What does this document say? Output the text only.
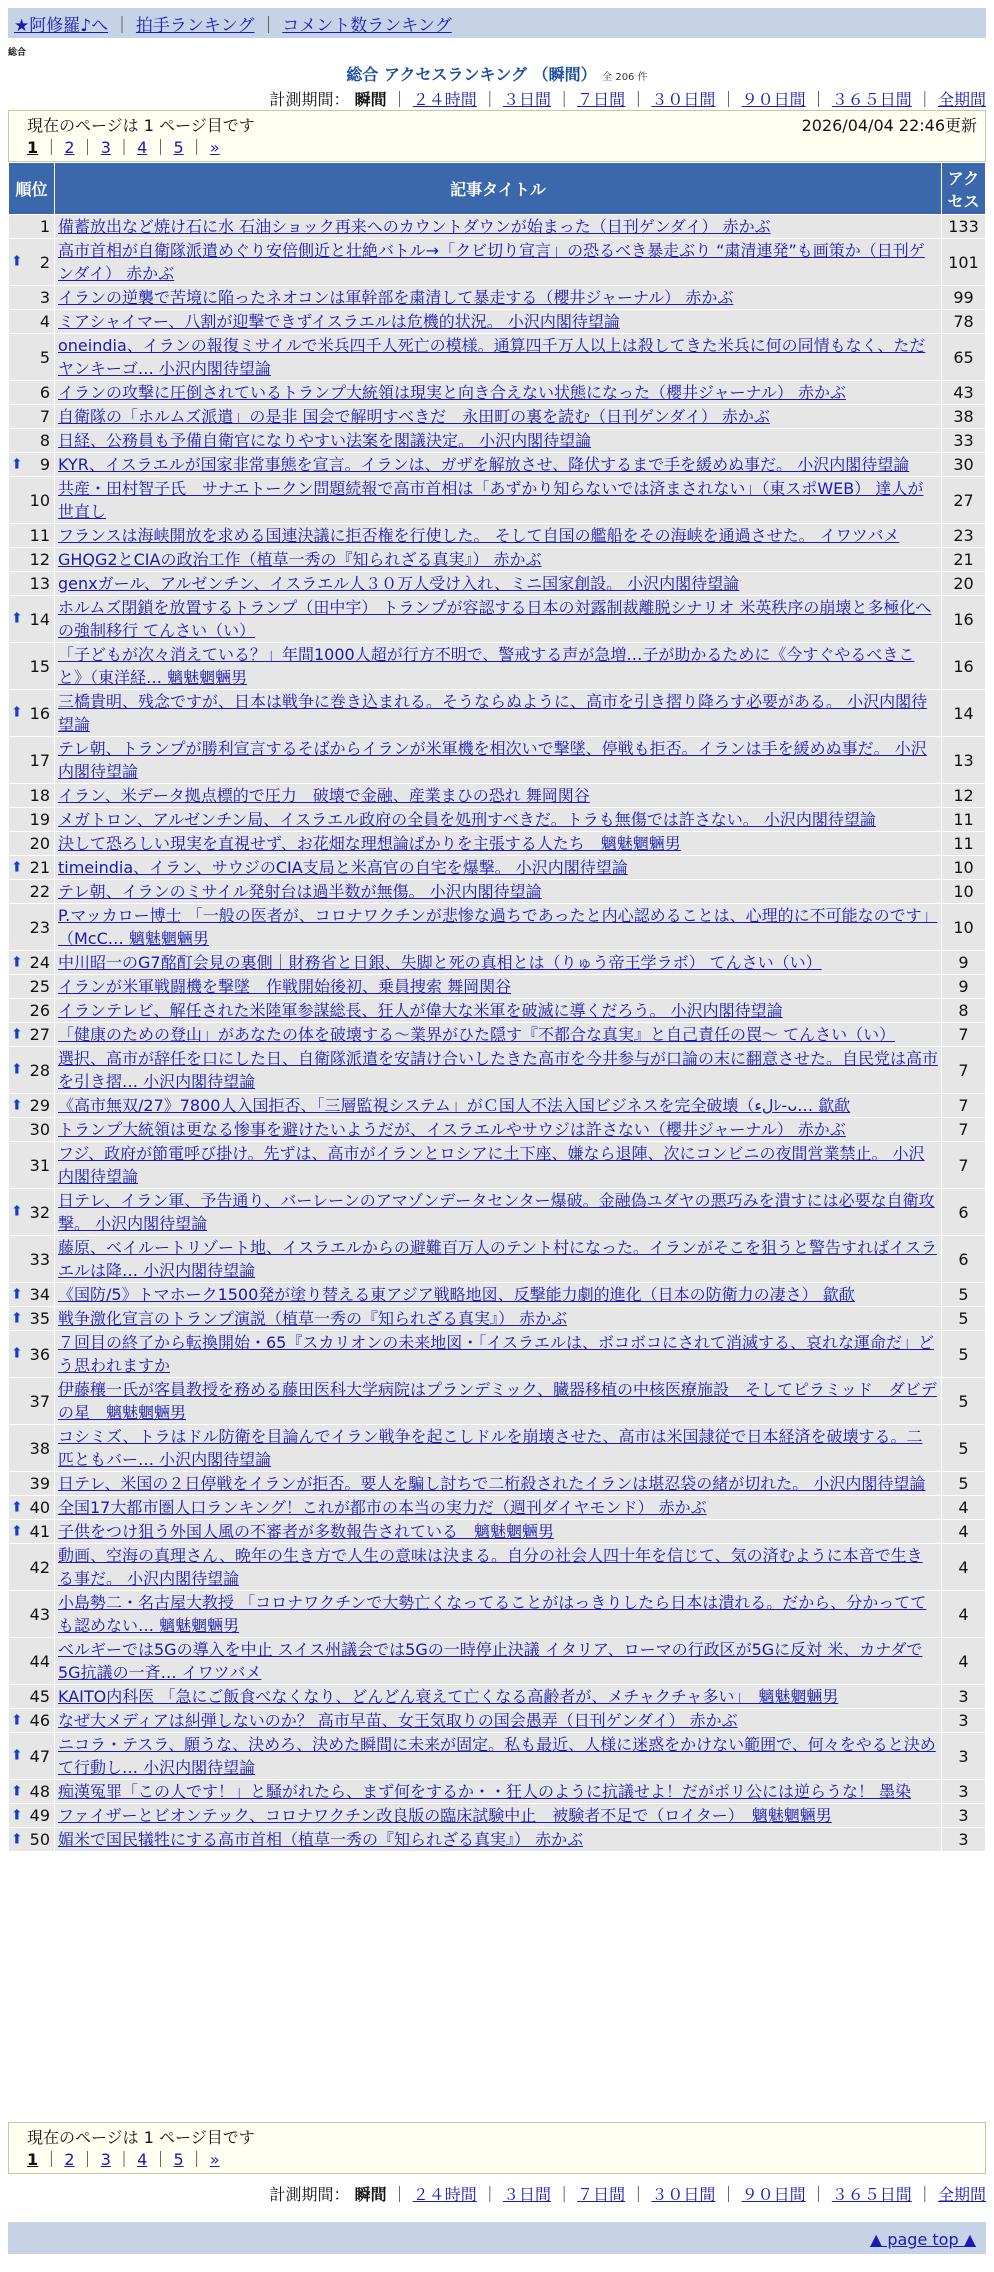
★阿修羅♪へ ｜ 拍手ランキング ｜ コメント数ランキング
総合
総合 アクセスランキング （瞬間） 全 206 件
計測期間： 瞬間 ｜ ２４時間 ｜ ３日間 ｜ ７日間 ｜ ３０日間 ｜ ９０日間 ｜ ３６５日間 ｜ 全期間
現在のページは 1 ページ目です	2026/04/04 22:46更新
1 ｜ 2 ｜ 3 ｜ 4 ｜ 5 ｜ »
順位	記事タイトル	アクセス
1	備蓄放出など焼け石に水 石油ショック再来へのカウントダウンが始まった（日刊ゲンダイ） 赤かぶ	133

⬆ 2	高市首相が自衛隊派遣めぐり安倍側近と壮絶バトル→「クビ切り宣言」の恐るべき暴走ぶり “粛清連発”も画策か（日刊ゲンダイ） 赤かぶ	101
3	イランの逆襲で苦境に陥ったネオコンは軍幹部を粛清して暴走する（櫻井ジャーナル） 赤かぶ	99
4	ミアシャイマー、八割が迎撃できずイスラエルは危機的状況。 小沢内閣待望論	78
5	oneindia、イランの報復ミサイルで米兵四千人死亡の模様。通算四千万人以上は殺してきた米兵に何の同情もなく、ただヤンキーゴ… 小沢内閣待望論	65
6	イランの攻撃に圧倒されているトランプ大統領は現実と向き合えない状態になった（櫻井ジャーナル） 赤かぶ	43
7	自衛隊の「ホルムズ派遣」の是非 国会で解明すべきだ　永田町の裏を読む（日刊ゲンダイ） 赤かぶ	38
8	日経、公務員も予備自衛官になりやすい法案を閣議決定。 小沢内閣待望論	33

⬆ 9	KYR、イスラエルが国家非常事態を宣言。イランは、ガザを解放させ、降伏するまで手を緩めぬ事だ。 小沢内閣待望論	30
10	共産・田村智子氏　サナエトークン問題続報で高市首相は「あずかり知らないでは済まされない」（東スポWEB） 達人が世直し	27
11	フランスは海峡開放を求める国連決議に拒否権を行使した。 そして自国の艦船をその海峡を通過させた。 イワツバメ	23
12	GHQG2とCIAの政治工作（植草一秀の『知られざる真実』） 赤かぶ	21
13	genxガール、アルゼンチン、イスラエル人３０万人受け入れ、ミニ国家創設。 小沢内閣待望論	20

⬆ 14	ホルムズ閉鎖を放置するトランプ（田中宇） トランプが容認する日本の対露制裁離脱シナリオ 米英秩序の崩壊と多極化への強制移行 てんさい（い）	16
15	「子どもが次々消えている？」年間1000人超が行方不明で、警戒する声が急増…子が助かるために《今すぐやるべきこと》（東洋経… 魑魅魍魎男	16

⬆ 16	三橋貴明、残念ですが、日本は戦争に巻き込まれる。そうならぬように、高市を引き摺り降ろす必要がある。 小沢内閣待望論	14
17	テレ朝、トランプが勝利宣言するそばからイランが米軍機を相次いで撃墜、停戦も拒否。イランは手を緩めぬ事だ。 小沢内閣待望論	13
18	イラン、米データ拠点標的で圧力　破壊で金融、産業まひの恐れ 舞岡関谷	12
19	メガトロン、アルゼンチン局、イスラエル政府の全員を処刑すべきだ。トラも無傷では許さない。 小沢内閣待望論	11
20	決して恐ろしい現実を直視せず、お花畑な理想論ばかりを主張する人たち　魑魅魍魎男	11

⬆ 21	timeindia、イラン、サウジのCIA支局と米高官の自宅を爆撃。 小沢内閣待望論	10
22	テレ朝、イランのミサイル発射台は過半数が無傷。 小沢内閣待望論	10
23	P.マッカロー博士 「一般の医者が、コロナワクチンが悲惨な過ちであったと内心認めることは、心理的に不可能なのです」（McC… 魑魅魍魎男	10

⬆ 24	中川昭一のG7酩酊会見の裏側｜財務省と日銀、失脚と死の真相とは（りゅう帝王学ラボ） てんさい（い）	9
25	イランが米軍戦闘機を撃墜　作戦開始後初、乗員捜索 舞岡関谷	9
26	イランテレビ、解任された米陸軍参謀総長、狂人が偉大な米軍を破滅に導くだろう。 小沢内閣待望論	8

⬆ 27	「健康のための登山」があなたの体を破壊する～業界がひた隠す『不都合な真実』と自己責任の罠～ てんさい（い）	7

⬆ 28	選択、高市が辞任を口にした日、自衛隊派遣を安請け合いしたきた高市を今井参与が口論の末に翻意させた。自民党は高市を引き摺… 小沢内閣待望論	7

⬆ 29	《高市無双/27》7800人入国拒否、「三層監視システム」がＣ国人不法入国ビジネスを完全破壊（لءﾚ-ᴗ… 歙歃	7
30	トランプ大統領は更なる惨事を避けたいようだが、イスラエルやサウジは許さない（櫻井ジャーナル） 赤かぶ	7
31	フジ、政府が節電呼び掛け。先ずは、高市がイランとロシアに土下座、嫌なら退陣、次にコンビニの夜間営業禁止。 小沢内閣待望論	7

⬆ 32	日テレ、イラン軍、予告通り、バーレーンのアマゾンデータセンター爆破。金融偽ユダヤの悪巧みを潰すには必要な自衛攻撃。 小沢内閣待望論	6
33	藤原、ベイルートリゾート地、イスラエルからの避難百万人のテント村になった。イランがそこを狙うと警告すればイスラエルは降… 小沢内閣待望論	6

⬆ 34	《国防/5》トマホーク1500発が塗り替える東アジア戦略地図、反撃能力劇的進化（日本の防衛力の凄さ） 歙歃	5

⬆ 35	戦争激化宣言のトランプ演説（植草一秀の『知られざる真実』） 赤かぶ	5

⬆ 36	７回目の終了から転換開始・65『スカリオンの未来地図・「イスラエルは、ボコボコにされて消滅する、哀れな運命だ」どう思われますか	5
37	伊藤穰一氏が客員教授を務める藤田医科大学病院はプランデミック、臓器移植の中核医療施設　そしてピラミッド　ダビデの星　魑魅魍魎男	5
38	コシミズ、トラはドル防衛を目論んでイラン戦争を起こしドルを崩壊させた、高市は米国隷従で日本経済を破壊する。二匹ともバー… 小沢内閣待望論	5
39	日テレ、米国の２日停戦をイランが拒否。要人を騙し討ちで二桁殺されたイランは堪忍袋の緒が切れた。 小沢内閣待望論	5

⬆ 40	全国17大都市圏人口ランキング！これが都市の本当の実力だ（週刊ダイヤモンド） 赤かぶ	4

⬆ 41	子供をつけ狙う外国人風の不審者が多数報告されている　魑魅魍魎男	4
42	動画、空海の真理さん、晩年の生き方で人生の意味は決まる。自分の社会人四十年を信じて、気の済むように本音で生きる事だ。 小沢内閣待望論	4
43	小島勢二・名古屋大教授 「コロナワクチンで大勢亡くなってることがはっきりしたら日本は潰れる。だから、分かってても認めない… 魑魅魍魎男	4
44	ベルギーでは5Gの導入を中止 スイス州議会では5Gの一時停止決議 イタリア、ローマの行政区が5Gに反対 米、カナダで5G抗議の一斉… イワツバメ	4
45	KAITO内科医 「急にご飯食べなくなり、どんどん衰えて亡くなる高齢者が、メチャクチャ多い」　魑魅魍魎男	3

⬆ 46	なぜ大メディアは糾弾しないのか？ 高市早苗、女王気取りの国会愚弄（日刊ゲンダイ） 赤かぶ	3

⬆ 47	ニコラ・テスラ、願うな、決めろ、決めた瞬間に未来が固定。私も最近、人様に迷惑をかけない範囲で、何々をやると決めて行動し… 小沢内閣待望論	3

⬆ 48	痴漢冤罪「この人です！」と騒がれたら、まず何をするか・・狂人のように抗議せよ！だがポリ公には逆らうな！ 墨染	3

⬆ 49	ファイザーとビオンテック、コロナワクチン改良版の臨床試験中止　被験者不足で（ロイター）　魑魅魍魎男	3

⬆ 50	媚米で国民犠牲にする高市首相（植草一秀の『知られざる真実』） 赤かぶ	3
現在のページは 1 ページ目です
1 ｜ 2 ｜ 3 ｜ 4 ｜ 5 ｜ »
計測期間： 瞬間 ｜ ２４時間 ｜ ３日間 ｜ ７日間 ｜ ３０日間 ｜ ９０日間 ｜ ３６５日間 ｜ 全期間
▲ page top ▲
